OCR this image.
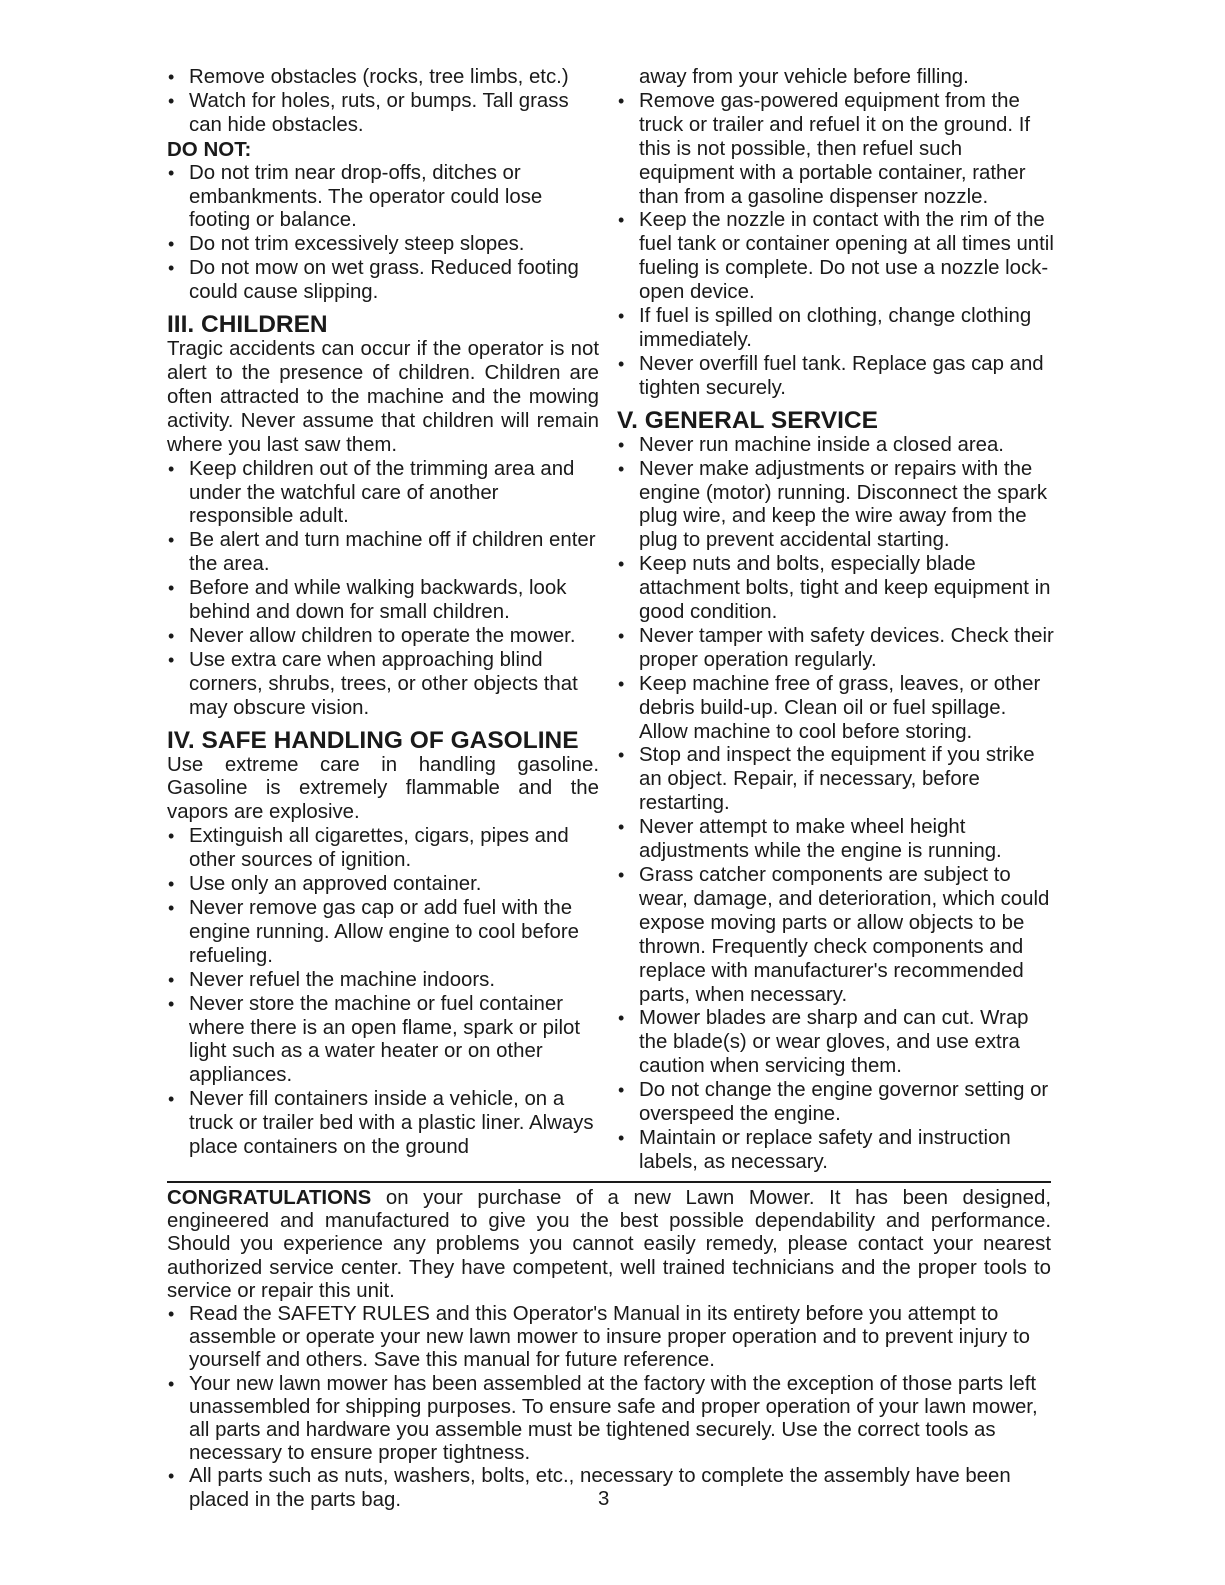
• Remove obstacles (rocks, tree limbs, etc.)

• Watch for holes, ruts, or bumps. Tall grass can hide obstacles.

DO NOT:

• Do not trim near drop-offs, ditches or embankments. The operator could lose footing or balance.

• Do not trim excessively steep slopes.

• Do not mow on wet grass. Reduced footing could cause slipping.

III. CHILDREN

Tragic accidents can occur if the operator is not alert to the presence of children. Children are often attracted to the machine and the mowing activity. Never assume that children will remain where you last saw them.

• Keep children out of the trimming area and under the watchful care of another responsible adult.

• Be alert and turn machine off if children enter the area.

• Before and while walking backwards, look behind and down for small children.

• Never allow children to operate the mower.

• Use extra care when approaching blind corners, shrubs, trees, or other objects that may obscure vision.

IV. SAFE HANDLING OF GASOLINE

Use extreme care in handling gasoline. Gasoline is extremely flammable and the vapors are explosive.

• Extinguish all cigarettes, cigars, pipes and other sources of ignition.

• Use only an approved container.

• Never remove gas cap or add fuel with the engine running. Allow engine to cool before refueling.

• Never refuel the machine indoors.

• Never store the machine or fuel container where there is an open flame, spark or pilot light such as a water heater or on other appliances.

• Never fill containers inside a vehicle, on a truck or trailer bed with a plastic liner. Always place containers on the ground

away from your vehicle before filling.

• Remove gas-powered equipment from the truck or trailer and refuel it on the ground. If this is not possible, then refuel such equipment with a portable container, rather than from a gasoline dispenser nozzle.

• Keep the nozzle in contact with the rim of the fuel tank or container opening at all times until fueling is complete. Do not use a nozzle lock-open device.

• If fuel is spilled on clothing, change clothing immediately.

• Never overfill fuel tank. Replace gas cap and tighten securely.

V. GENERAL SERVICE

• Never run machine inside a closed area.

• Never make adjustments or repairs with the engine (motor) running. Disconnect the spark plug wire, and keep the wire away from the plug to prevent accidental starting.

• Keep nuts and bolts, especially blade attachment bolts, tight and keep equipment in good condition.

• Never tamper with safety devices. Check their proper operation regularly.

• Keep machine free of grass, leaves, or other debris build-up. Clean oil or fuel spillage. Allow machine to cool before storing.

• Stop and inspect the equipment if you strike an object. Repair, if necessary, before restarting.

• Never attempt to make wheel height adjustments while the engine is running.

• Grass catcher components are subject to wear, damage, and deterioration, which could expose moving parts or allow objects to be thrown. Frequently check components and replace with manufacturer's recommended parts, when necessary.

• Mower blades are sharp and can cut. Wrap the blade(s) or wear gloves, and use extra caution when servicing them.

• Do not change the engine governor setting or overspeed the engine.

• Maintain or replace safety and instruction labels, as necessary.

CONGRATULATIONS on your purchase of a new Lawn Mower. It has been designed, engineered and manufactured to give you the best possible dependability and performance. Should you experience any problems you cannot easily remedy, please contact your nearest authorized service center. They have competent, well trained technicians and the proper tools to service or repair this unit.

• Read the SAFETY RULES and this Operator's Manual in its entirety before you attempt to assemble or operate your new lawn mower to insure proper operation and to prevent injury to yourself and others. Save this manual for future reference.

• Your new lawn mower has been assembled at the factory with the exception of those parts left unassembled for shipping purposes. To ensure safe and proper operation of your lawn mower, all parts and hardware you assemble must be tightened securely. Use the correct tools as necessary to ensure proper tightness.

• All parts such as nuts, washers, bolts, etc., necessary to complete the assembly have been placed in the parts bag.	3
